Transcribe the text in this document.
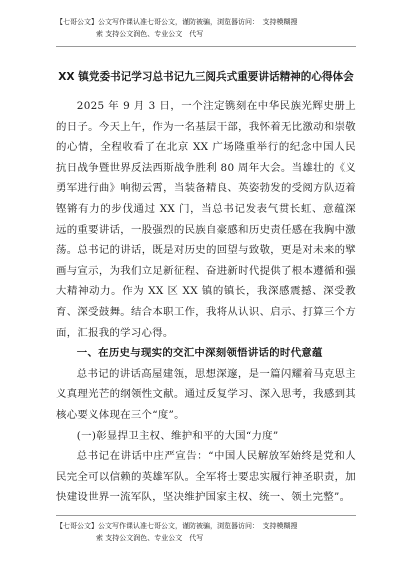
【七哥公文】公文写作课认准七哥公文，谨防被骗，浏览器访问：　支持模糊搜
索 支持公文润色、专业公文　代写
XX 镇党委书记学习总书记九三阅兵式重要讲话精神的心得体会

2025 年 9 月 3 日，一个注定镌刻在中华民族光辉史册上的日子。今天上午，作为一名基层干部，我怀着无比激动和崇敬的心情，全程收看了在北京 XX 广场隆重举行的纪念中国人民抗日战争暨世界反法西斯战争胜利 80 周年大会。当雄壮的《义勇军进行曲》响彻云霄，当装备精良、英姿勃发的受阅方队迈着铿锵有力的步伐通过 XX 门，当总书记发表气贯长虹、意蕴深远的重要讲话，一股强烈的民族自豪感和历史责任感在我胸中激荡。总书记的讲话，既是对历史的回望与致敬，更是对未来的擘画与宣示，为我们立足新征程、奋进新时代提供了根本遵循和强大精神动力。作为 XX 区 XX 镇的镇长，我深感震撼、深受教育、深受鼓舞。结合本职工作，我将从认识、启示、打算三个方面，汇报我的学习心得。

一、在历史与现实的交汇中深刻领悟讲话的时代意蕴

总书记的讲话高屋建瓴，思想深邃，是一篇闪耀着马克思主义真理光芒的纲领性文献。通过反复学习、深入思考，我感到其核心要义体现在三个“度”。

(一)彰显捍卫主权、维护和平的大国“力度”

总书记在讲话中庄严宣告：“中国人民解放军始终是党和人民完全可以信赖的英雄军队。全军将士要忠实履行神圣职责，加快建设世界一流军队，坚决维护国家主权、统一、领土完整”。

【七哥公文】公文写作课认准七哥公文，谨防被骗，浏览器访问：　支持模糊搜
索 支持公文润色、专业公文　代写
